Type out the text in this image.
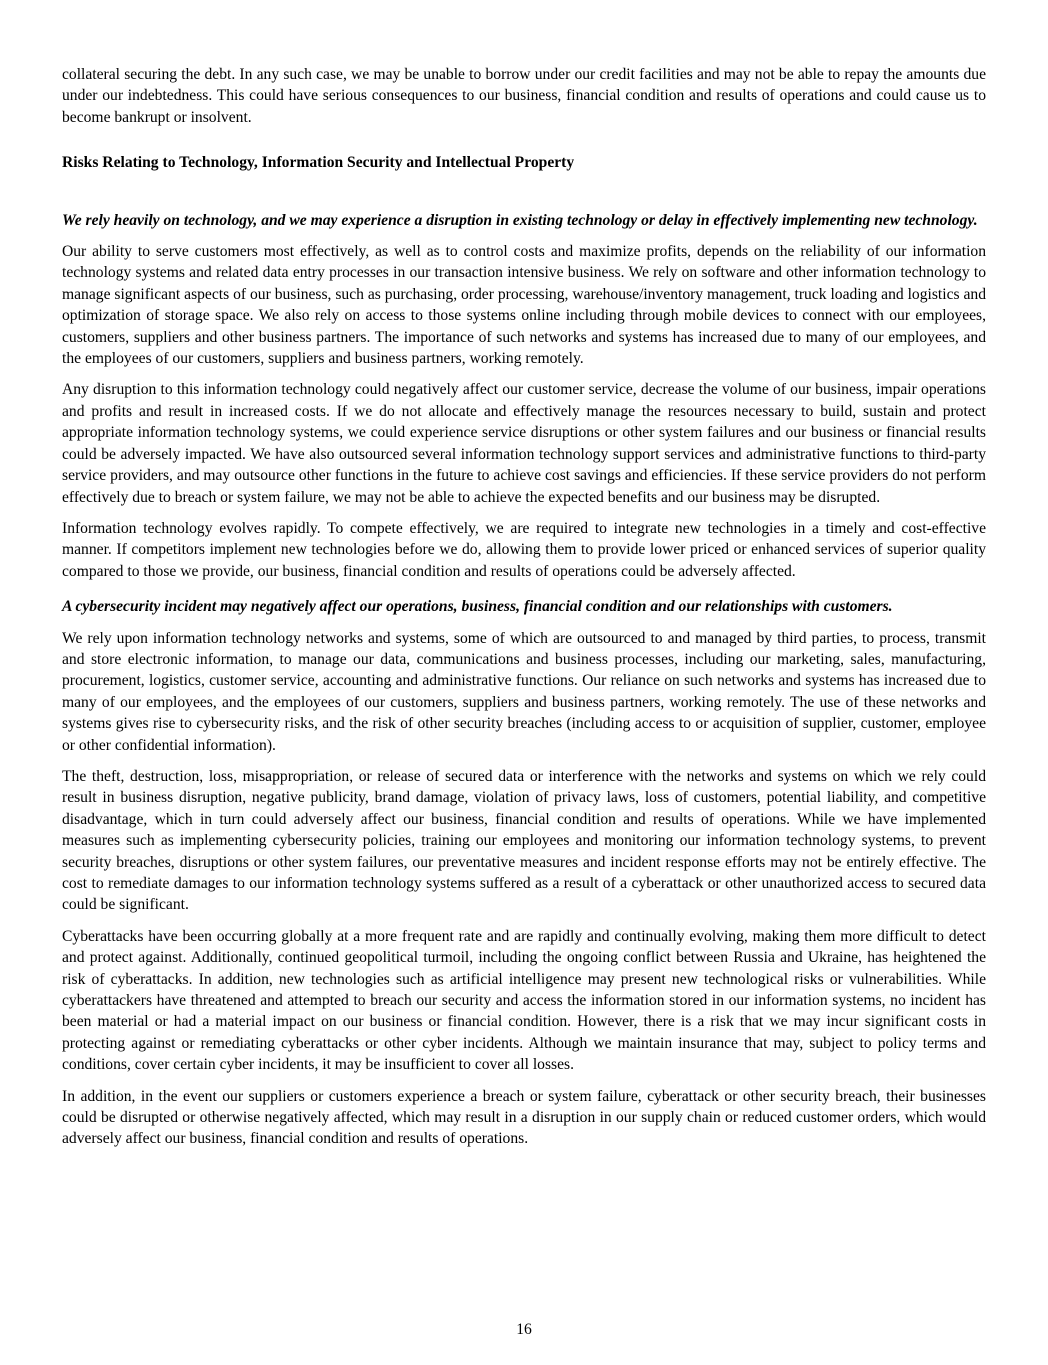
collateral securing the debt. In any such case, we may be unable to borrow under our credit facilities and may not be able to repay the amounts due under our indebtedness. This could have serious consequences to our business, financial condition and results of operations and could cause us to become bankrupt or insolvent.

Risks Relating to Technology, Information Security and Intellectual Property
We rely heavily on technology, and we may experience a disruption in existing technology or delay in effectively implementing new technology.

Our ability to serve customers most effectively, as well as to control costs and maximize profits, depends on the reliability of our information technology systems and related data entry processes in our transaction intensive business. We rely on software and other information technology to manage significant aspects of our business, such as purchasing, order processing, warehouse/inventory management, truck loading and logistics and optimization of storage space. We also rely on access to those systems online including through mobile devices to connect with our employees, customers, suppliers and other business partners. The importance of such networks and systems has increased due to many of our employees, and the employees of our customers, suppliers and business partners, working remotely.

Any disruption to this information technology could negatively affect our customer service, decrease the volume of our business, impair operations and profits and result in increased costs. If we do not allocate and effectively manage the resources necessary to build, sustain and protect appropriate information technology systems, we could experience service disruptions or other system failures and our business or financial results could be adversely impacted. We have also outsourced several information technology support services and administrative functions to third-party service providers, and may outsource other functions in the future to achieve cost savings and efficiencies. If these service providers do not perform effectively due to breach or system failure, we may not be able to achieve the expected benefits and our business may be disrupted.

Information technology evolves rapidly. To compete effectively, we are required to integrate new technologies in a timely and cost-effective manner. If competitors implement new technologies before we do, allowing them to provide lower priced or enhanced services of superior quality compared to those we provide, our business, financial condition and results of operations could be adversely affected.

A cybersecurity incident may negatively affect our operations, business, financial condition and our relationships with customers.

We rely upon information technology networks and systems, some of which are outsourced to and managed by third parties, to process, transmit and store electronic information, to manage our data, communications and business processes, including our marketing, sales, manufacturing, procurement, logistics, customer service, accounting and administrative functions. Our reliance on such networks and systems has increased due to many of our employees, and the employees of our customers, suppliers and business partners, working remotely. The use of these networks and systems gives rise to cybersecurity risks, and the risk of other security breaches (including access to or acquisition of supplier, customer, employee or other confidential information).

The theft, destruction, loss, misappropriation, or release of secured data or interference with the networks and systems on which we rely could result in business disruption, negative publicity, brand damage, violation of privacy laws, loss of customers, potential liability, and competitive disadvantage, which in turn could adversely affect our business, financial condition and results of operations. While we have implemented measures such as implementing cybersecurity policies, training our employees and monitoring our information technology systems, to prevent security breaches, disruptions or other system failures, our preventative measures and incident response efforts may not be entirely effective. The cost to remediate damages to our information technology systems suffered as a result of a cyberattack or other unauthorized access to secured data could be significant.

Cyberattacks have been occurring globally at a more frequent rate and are rapidly and continually evolving, making them more difficult to detect and protect against. Additionally, continued geopolitical turmoil, including the ongoing conflict between Russia and Ukraine, has heightened the risk of cyberattacks. In addition, new technologies such as artificial intelligence may present new technological risks or vulnerabilities. While cyberattackers have threatened and attempted to breach our security and access the information stored in our information systems, no incident has been material or had a material impact on our business or financial condition. However, there is a risk that we may incur significant costs in protecting against or remediating cyberattacks or other cyber incidents. Although we maintain insurance that may, subject to policy terms and conditions, cover certain cyber incidents, it may be insufficient to cover all losses.

In addition, in the event our suppliers or customers experience a breach or system failure, cyberattack or other security breach, their businesses could be disrupted or otherwise negatively affected, which may result in a disruption in our supply chain or reduced customer orders, which would adversely affect our business, financial condition and results of operations.

16
